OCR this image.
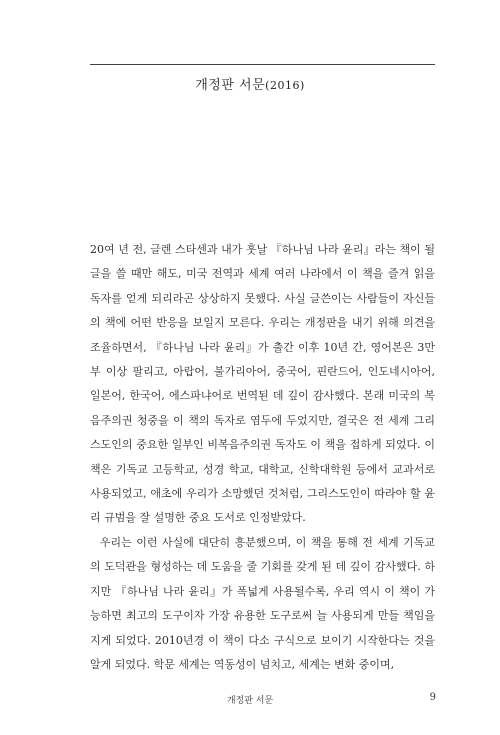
개정판 서문(2016)

20여 년 전, 글렌 스타센과 내가 훗날 『하나님 나라 윤리』라는 책이 될 글을 쓸 때만 해도, 미국 전역과 세계 여러 나라에서 이 책을 즐겨 읽을 독자를 얻게 되리라곤 상상하지 못했다. 사실 글쓴이는 사람들이 자신들의 책에 어떤 반응을 보일지 모른다. 우리는 개정판을 내기 위해 의견을 조율하면서, 『하나님 나라 윤리』가 출간 이후 10년 간, 영어본은 3만 부 이상 팔리고, 아랍어, 불가리아어, 중국어, 핀란드어, 인도네시아어, 일본어, 한국어, 에스파냐어로 번역된 데 깊이 감사했다. 본래 미국의 복음주의권 청중을 이 책의 독자로 염두에 두었지만, 결국은 전 세계 그리스도인의 중요한 일부인 비복음주의권 독자도 이 책을 접하게 되었다. 이 책은 기독교 고등학교, 성경 학교, 대학교, 신학대학원 등에서 교과서로 사용되었고, 애초에 우리가 소망했던 것처럼, 그리스도인이 따라야 할 윤리 규범을 잘 설명한 중요 도서로 인정받았다.

우리는 이런 사실에 대단히 흥분했으며, 이 책을 통해 전 세계 기독교의 도덕관을 형성하는 데 도움을 줄 기회를 갖게 된 데 깊이 감사했다. 하지만 『하나님 나라 윤리』가 폭넓게 사용될수록, 우리 역시 이 책이 가능하면 최고의 도구이자 가장 유용한 도구로써 늘 사용되게 만들 책임을 지게 되었다. 2010년경 이 책이 다소 구식으로 보이기 시작한다는 것을 알게 되었다. 학문 세계는 역동성이 넘치고, 세계는 변화 중이며,

개정판 서문	9
